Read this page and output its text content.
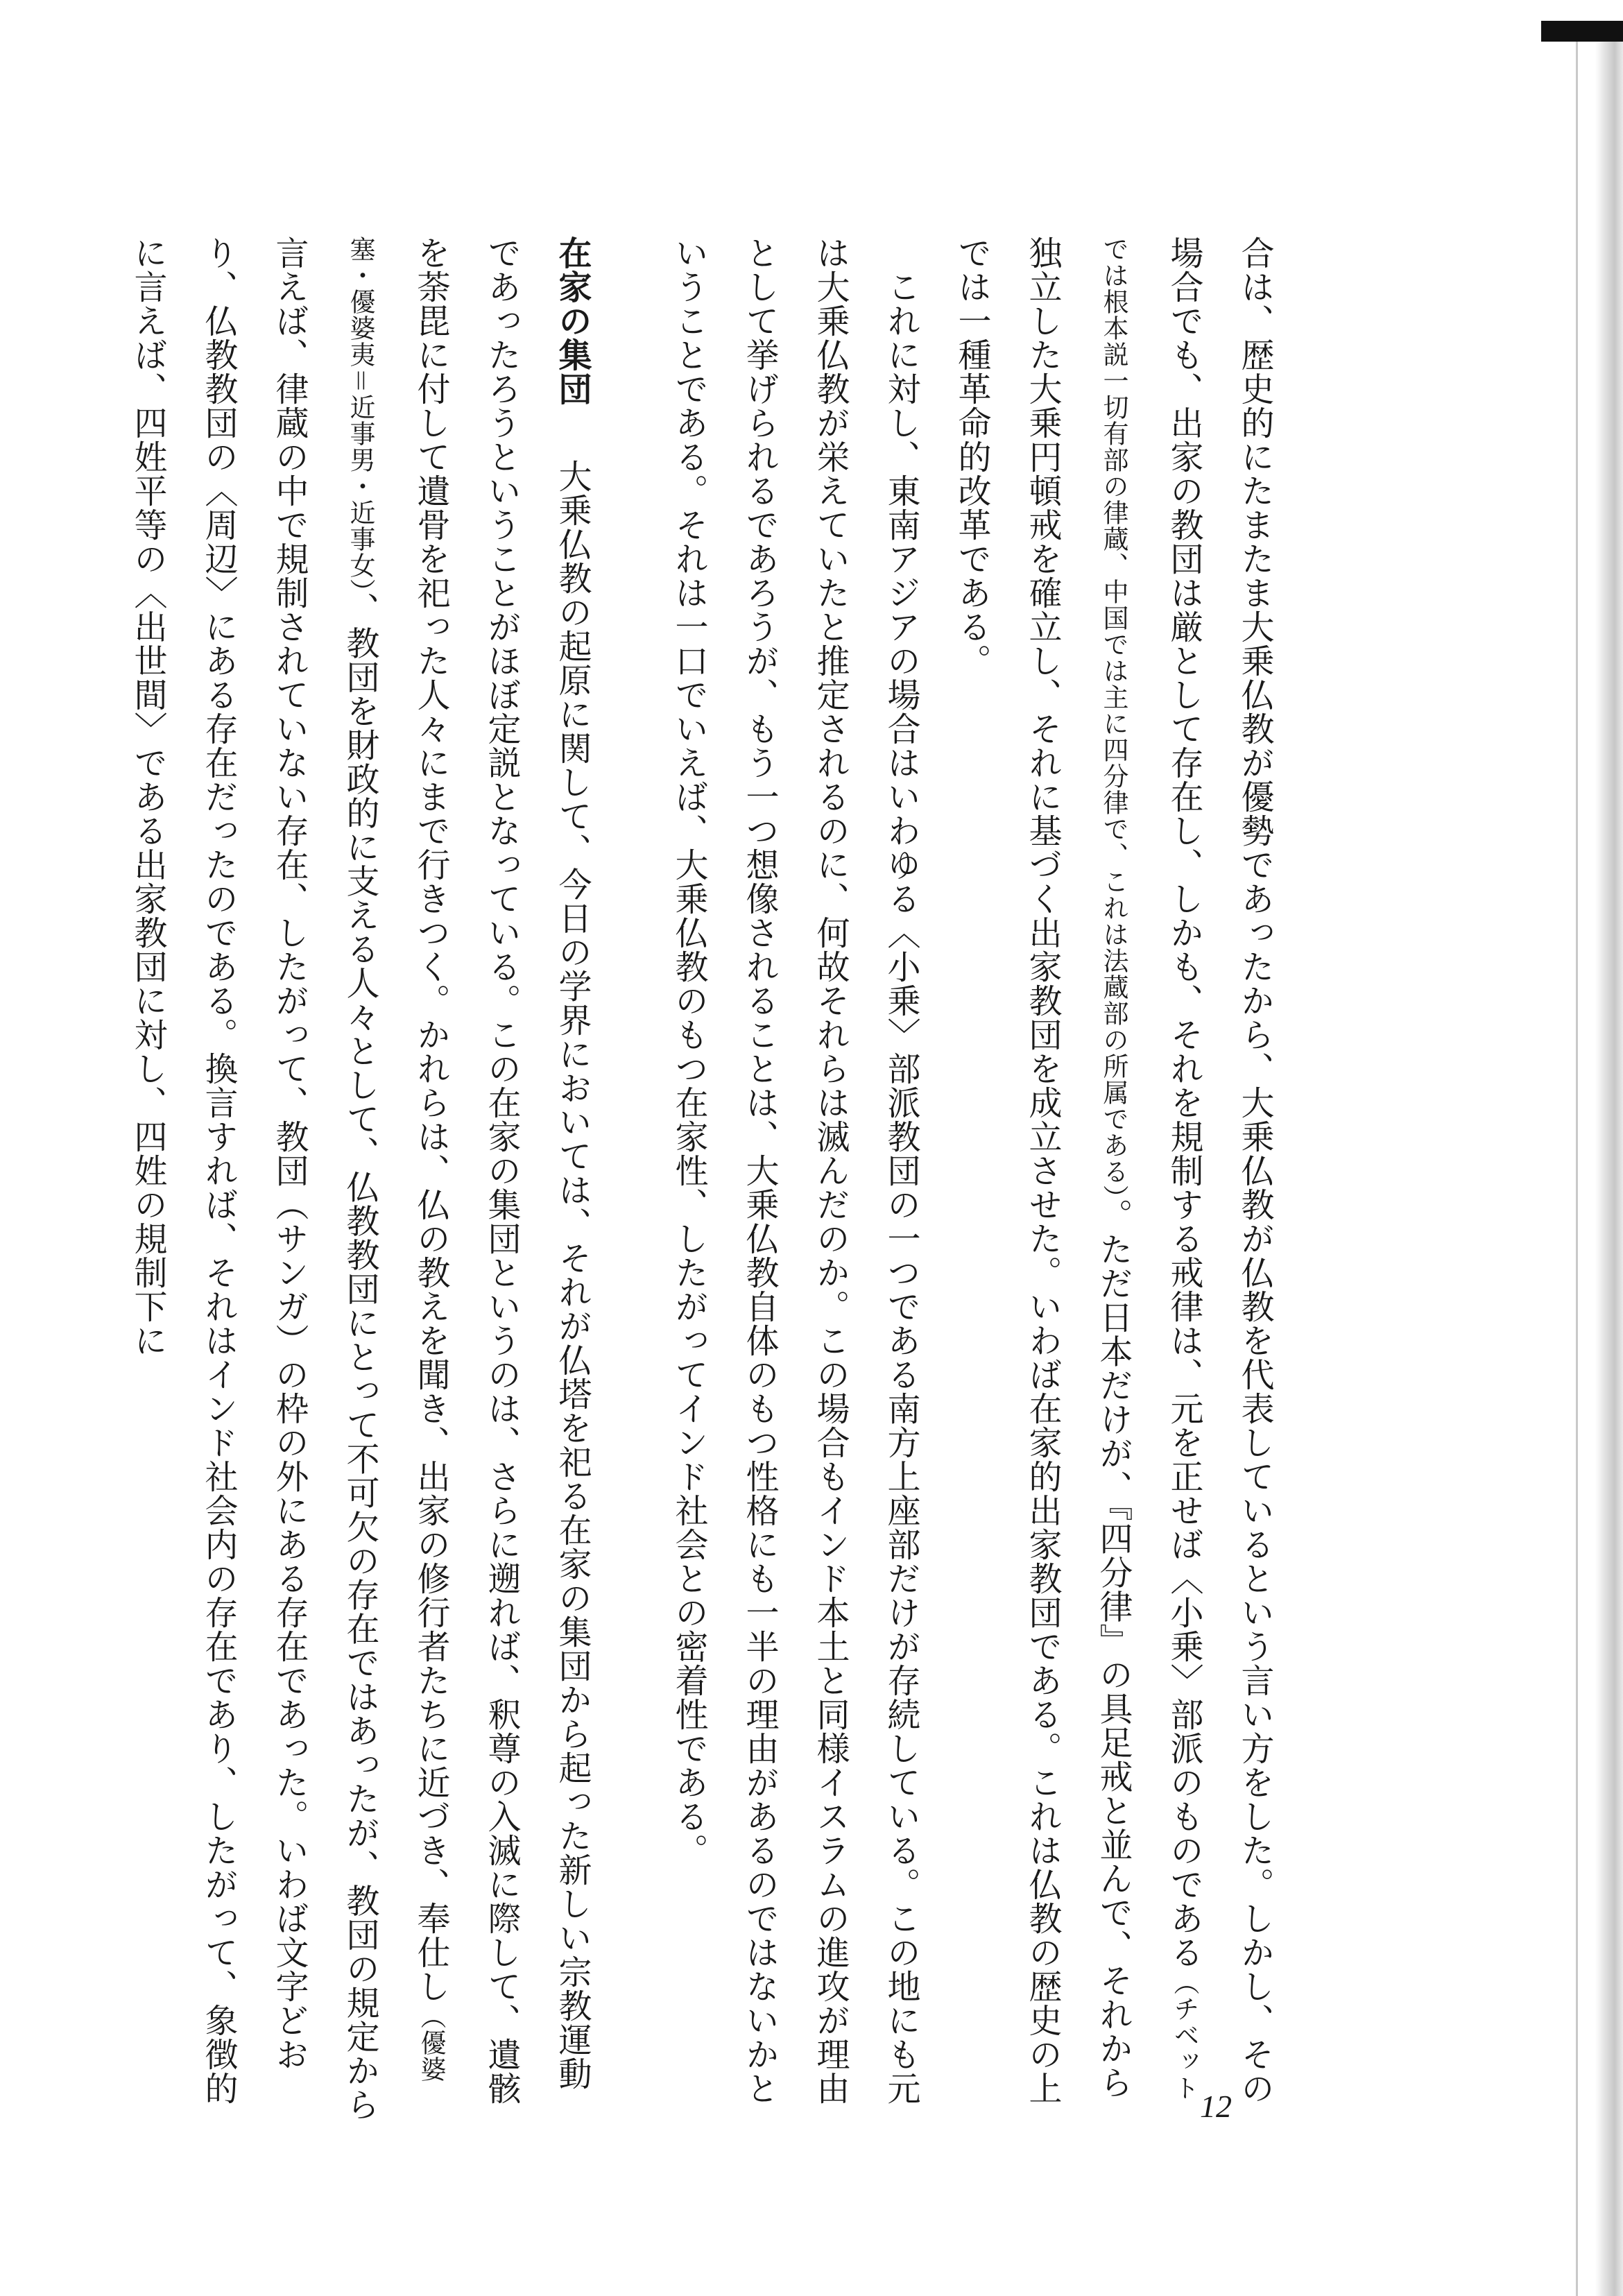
合は、歴史的にたまたま大乗仏教が優勢であったから、大乗仏教が仏教を代表しているという言い方をした。しかし、その場合でも、出家の教団は厳として存在し、しかも、それを規制する戒律は、元を正せば〈小乗〉部派のものである（チベットでは根本説一切有部の律蔵、中国では主に四分律で、これは法蔵部の所属である）。ただ日本だけが、『四分律』の具足戒と並んで、それから独立した大乗円頓戒を確立し、それに基づく出家教団を成立させた。いわば在家的出家教団である。これは仏教の歴史の上では一種革命的改革である。

　これに対し、東南アジアの場合はいわゆる〈小乗〉部派教団の一つである南方上座部だけが存続している。この地にも元は大乗仏教が栄えていたと推定されるのに、何故それらは滅んだのか。この場合もインド本土と同様イスラムの進攻が理由として挙げられるであろうが、もう一つ想像されることは、大乗仏教自体のもつ性格にも一半の理由があるのではないかということである。それは一口でいえば、大乗仏教のもつ在家性、したがってインド社会との密着性である。

在家の集団　大乗仏教の起原に関して、今日の学界においては、それが仏塔を祀る在家の集団から起った新しい宗教運動であったろうということがほぼ定説となっている。この在家の集団というのは、さらに遡れば、釈尊の入滅に際して、遺骸を荼毘に付して遺骨を祀った人々にまで行きつく。かれらは、仏の教えを聞き、出家の修行者たちに近づき、奉仕し（優婆塞・優婆夷＝近事男・近事女）、教団を財政的に支える人々として、仏教教団にとって不可欠の存在ではあったが、教団の規定から言えば、律蔵の中で規制されていない存在、したがって、教団（サンガ）の枠の外にある存在であった。いわば文字どおり、仏教教団の〈周辺〉にある存在だったのである。換言すれば、それはインド社会内の存在であり、したがって、象徴的に言えば、四姓平等の〈出世間〉である出家教団に対し、四姓の規制下に

12
